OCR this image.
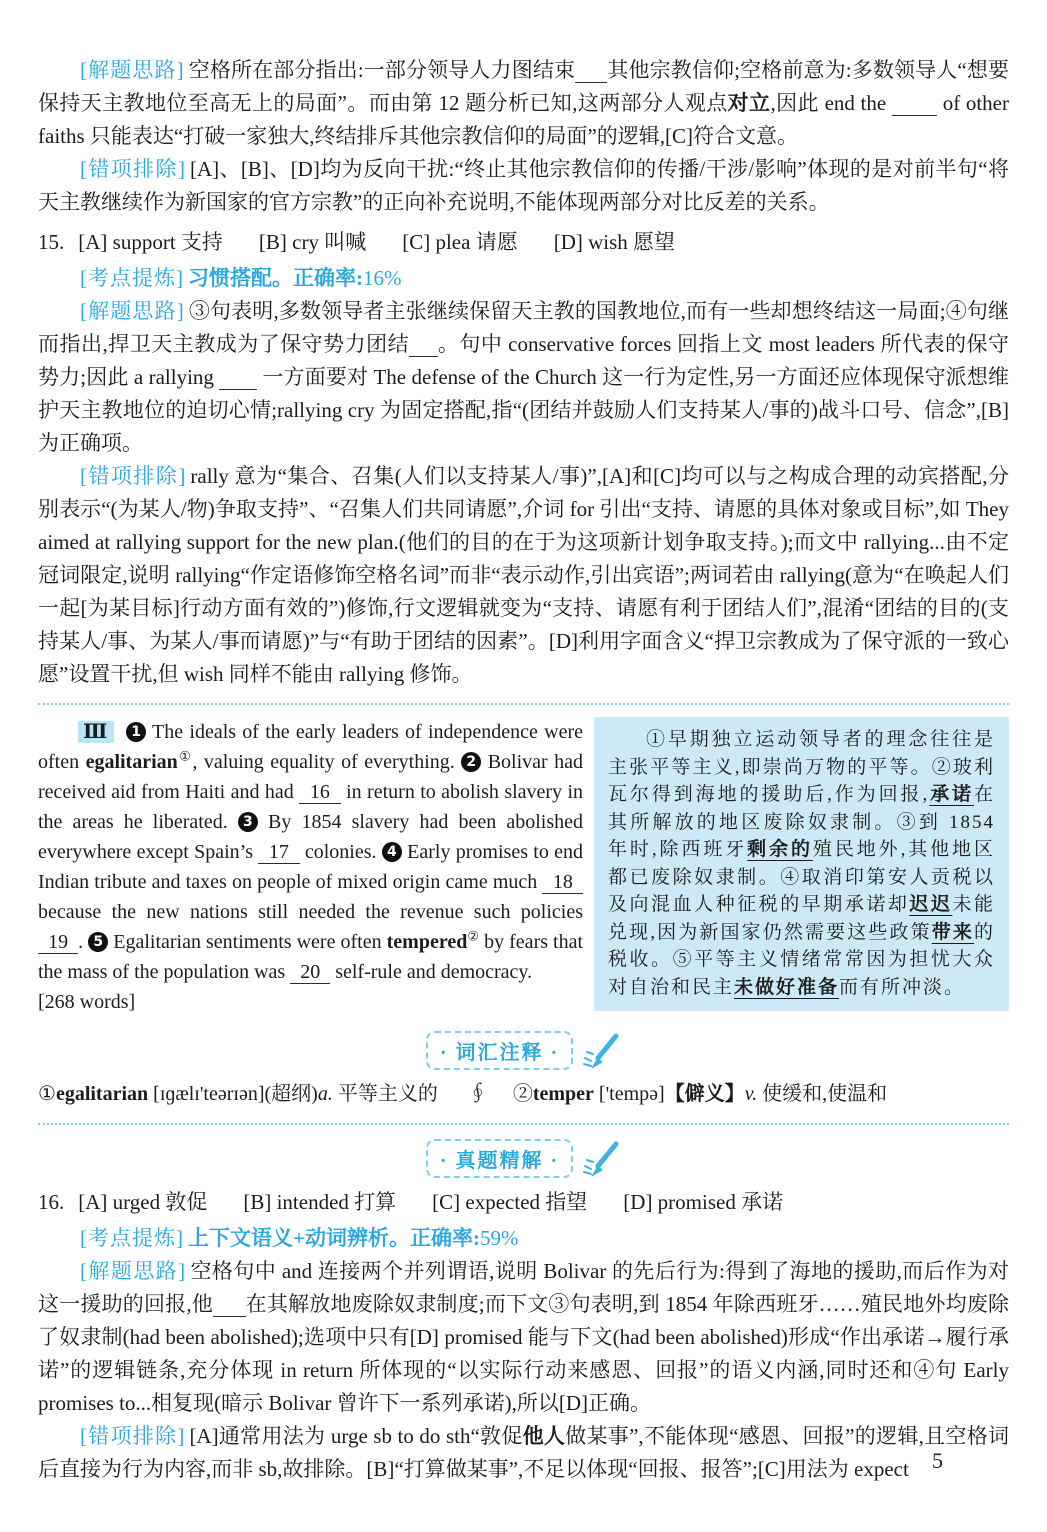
[解题思路] 空格所在部分指出:一部分领导人力图结束 其他宗教信仰;空格前意为:多数领导人“想要保持天主教地位至高无上的局面”。而由第 12 题分析已知,这两部分人观点对立,因此 end the          of other faiths 只能表达“打破一家独大,终结排斥其他宗教信仰的局面”的逻辑,[C]符合文意。

[错项排除] [A]、[B]、[D]均为反向干扰:“终止其他宗教信仰的传播/干涉/影响”体现的是对前半句“将天主教继续作为新国家的官方宗教”的正向补充说明,不能体现两部分对比反差的关系。

15. [A] support 支持 [B] cry 叫喊 [C] plea 请愿 [D] wish 愿望

[考点提炼] 习惯搭配。正确率:16%

[解题思路] ③句表明,多数领导者主张继续保留天主教的国教地位,而有一些却想终结这一局面;④句继而指出,捍卫天主教成为了保守势力团结 。句中 conservative forces 回指上文 most leaders 所代表的保守势力;因此 a rallying         一方面要对 The defense of the Church 这一行为定性,另一方面还应体现保守派想维护天主教地位的迫切心情;rallying cry 为固定搭配,指“(团结并鼓励人们支持某人/事的)战斗口号、信念”,[B]为正确项。

[错项排除] rally 意为“集合、召集(人们以支持某人/事)”,[A]和[C]均可以与之构成合理的动宾搭配,分别表示“(为某人/物)争取支持”、“召集人们共同请愿”,介词 for 引出“支持、请愿的具体对象或目标”,如 They aimed at rallying support for the new plan.(他们的目的在于为这项新计划争取支持。);而文中 rallying...由不定冠词限定,说明 rallying“作定语修饰空格名词”而非“表示动作,引出宾语”;两词若由 rallying(意为“在唤起人们一起[为某目标]行动方面有效的”)修饰,行文逻辑就变为“支持、请愿有利于团结人们”,混淆“团结的目的(支持某人/事、为某人/事而请愿)”与“有助于团结的因素”。[D]利用字面含义“捍卫宗教成为了保守派的一致心愿”设置干扰,但 wish 同样不能由 rallying 修饰。

Ⅲ 1 The ideals of the early leaders of independence were often egalitarian①, valuing equality of everything. 2 Bolivar had received aid from Haiti and had   16   in return to abolish slavery in the areas he liberated. 3 By 1854 slavery had been abolished everywhere except Spain’s   17   colonies. 4 Early promises to end Indian tribute and taxes on people of mixed origin came much   18   because the new nations still needed the revenue such policies   19  . 5 Egalitarian sentiments were often tempered② by fears that the mass of the population was   20   self-rule and democracy.

[268 words]

①早期独立运动领导者的理念往往是主张平等主义,即崇尚万物的平等。②玻利瓦尔得到海地的援助后,作为回报,承诺在其所解放的地区废除奴隶制。③到 1854 年时,除西班牙剩余的殖民地外,其他地区都已废除奴隶制。④取消印第安人贡税以及向混血人种征税的早期承诺却迟迟未能兑现,因为新国家仍然需要这些政策带来的税收。⑤平等主义情绪常常因为担忧大众对自治和民主未做好准备而有所冲淡。
· 词汇注释 ·

①egalitarian [ɪɡælɪ'teərɪən](超纲)a. 平等主义的      ∮     ②temper ['tempə]【僻义】v. 使缓和,使温和

· 真题精解 ·

16. [A] urged 敦促 [B] intended 打算 [C] expected 指望 [D] promised 承诺

[考点提炼] 上下文语义+动词辨析。正确率:59%

[解题思路] 空格句中 and 连接两个并列谓语,说明 Bolivar 的先后行为:得到了海地的援助,而后作为对这一援助的回报,他 在其解放地废除奴隶制度;而下文③句表明,到 1854 年除西班牙……殖民地外均废除了奴隶制(had been abolished);选项中只有[D] promised 能与下文(had been abolished)形成“作出承诺→履行承诺”的逻辑链条,充分体现 in return 所体现的“以实际行动来感恩、回报”的语义内涵,同时还和④句 Early promises to...相复现(暗示 Bolivar 曾许下一系列承诺),所以[D]正确。

[错项排除] [A]通常用法为 urge sb to do sth“敦促他人做某事”,不能体现“感恩、回报”的逻辑,且空格词后直接为行为内容,而非 sb,故排除。[B]“打算做某事”,不足以体现“回报、报答”;[C]用法为 expect	5
